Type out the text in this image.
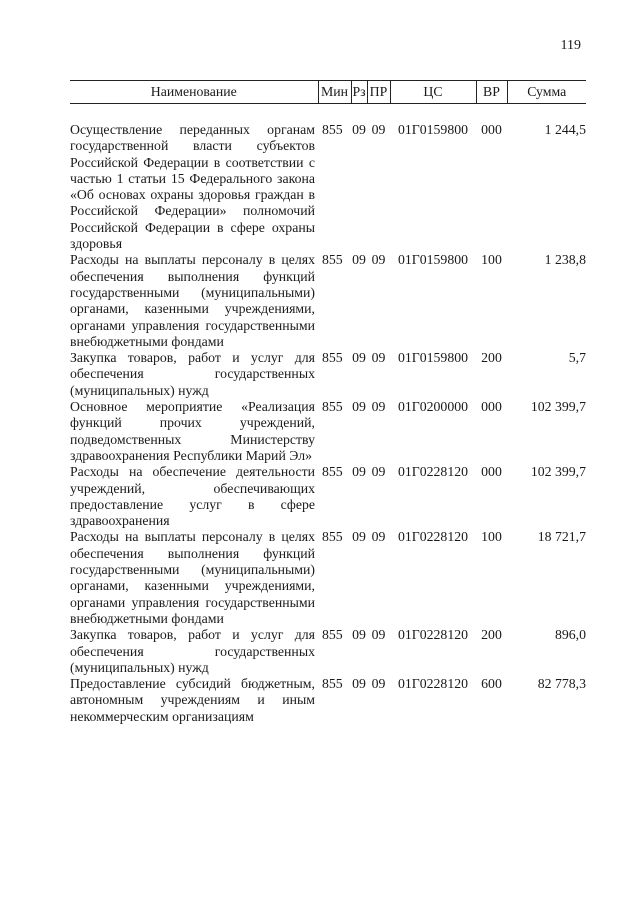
119
Наименование	Мин	Рз	ПР	ЦС	ВР	Сумма
Осуществление переданных органам государственной власти субъектов Российской Федерации в соответствии с частью 1 статьи 15 Федерального закона «Об основах охраны здоровья граждан в Российской Федерации» полномочий Российской Федерации в сфере охраны здоровья	855	09	09	01Г0159800	000	1 244,5
Расходы на выплаты персоналу в целях обеспечения выполнения функций государственными (муниципальными) органами, казенными учреждениями, органами управления государственными внебюджетными фондами	855	09	09	01Г0159800	100	1 238,8
Закупка товаров, работ и услуг для обеспечения государственных (муниципальных) нужд	855	09	09	01Г0159800	200	5,7
Основное мероприятие «Реализация функций прочих учреждений, подведомственных Министерству здравоохранения Республики Марий Эл»	855	09	09	01Г0200000	000	102 399,7
Расходы на обеспечение деятельности учреждений, обеспечивающих предоставление услуг в сфере здравоохранения	855	09	09	01Г0228120	000	102 399,7
Расходы на выплаты персоналу в целях обеспечения выполнения функций государственными (муниципальными) органами, казенными учреждениями, органами управления государственными внебюджетными фондами	855	09	09	01Г0228120	100	18 721,7
Закупка товаров, работ и услуг для обеспечения государственных (муниципальных) нужд	855	09	09	01Г0228120	200	896,0
Предоставление субсидий бюджетным, автономным учреждениям и иным некоммерческим организациям	855	09	09	01Г0228120	600	82 778,3
